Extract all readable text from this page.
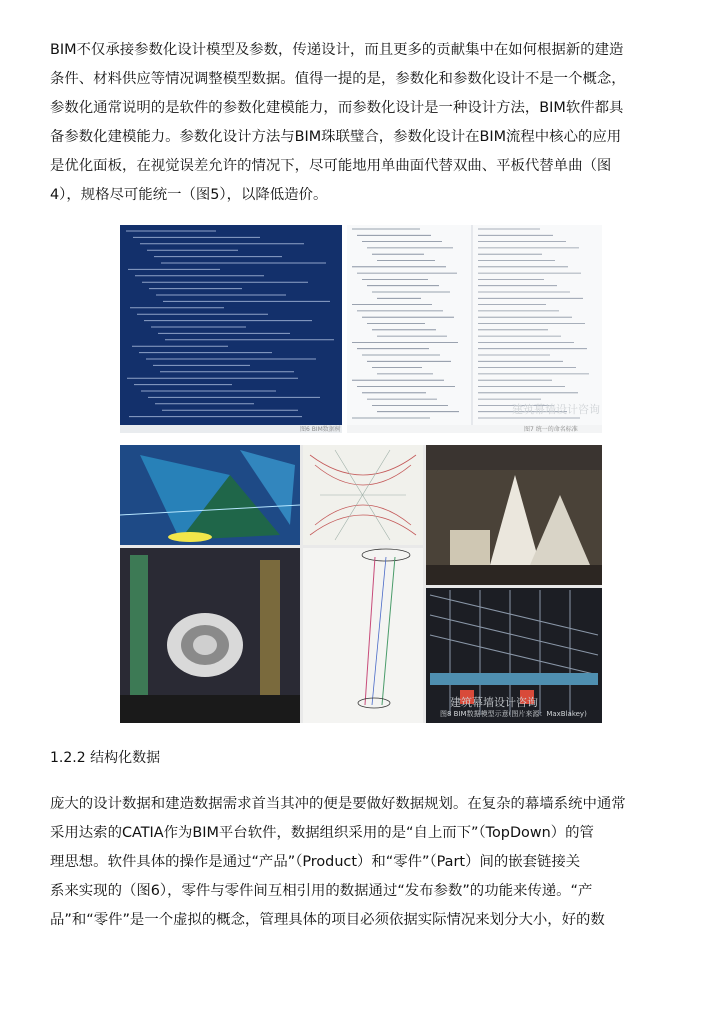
BIM不仅承接参数化设计模型及参数，传递设计，而且更多的贡献集中在如何根据新的建造
条件、材料供应等情况调整模型数据。值得一提的是，参数化和参数化设计不是一个概念，
参数化通常说明的是软件的参数化建模能力，而参数化设计是一种设计方法，BIM软件都具
备参数化建模能力。参数化设计方法与BIM珠联璧合，参数化设计在BIM流程中核心的应用
是优化面板，在视觉误差允许的情况下，尽可能地用单曲面代替双曲、平板代替单曲（图
4），规格尽可能统一（图5），以降低造价。
图6 BIM数据树	图7 统一的命名标准
建筑幕墙设计咨询
建筑幕墙设计咨询
图8 BIM数据模型示意(图片来源：MaxBlakey)
1.2.2 结构化数据
庞大的设计数据和建造数据需求首当其冲的便是要做好数据规划。在复杂的幕墙系统中通常
采用达索的CATIA作为BIM平台软件，数据组织采用的是“自上而下”（TopDown）的管
理思想。软件具体的操作是通过“产品”（Product）和“零件”（Part）间的嵌套链接关
系来实现的（图6），零件与零件间互相引用的数据通过“发布参数”的功能来传递。“产
品”和“零件”是一个虚拟的概念，管理具体的项目必须依据实际情况来划分大小，好的数
